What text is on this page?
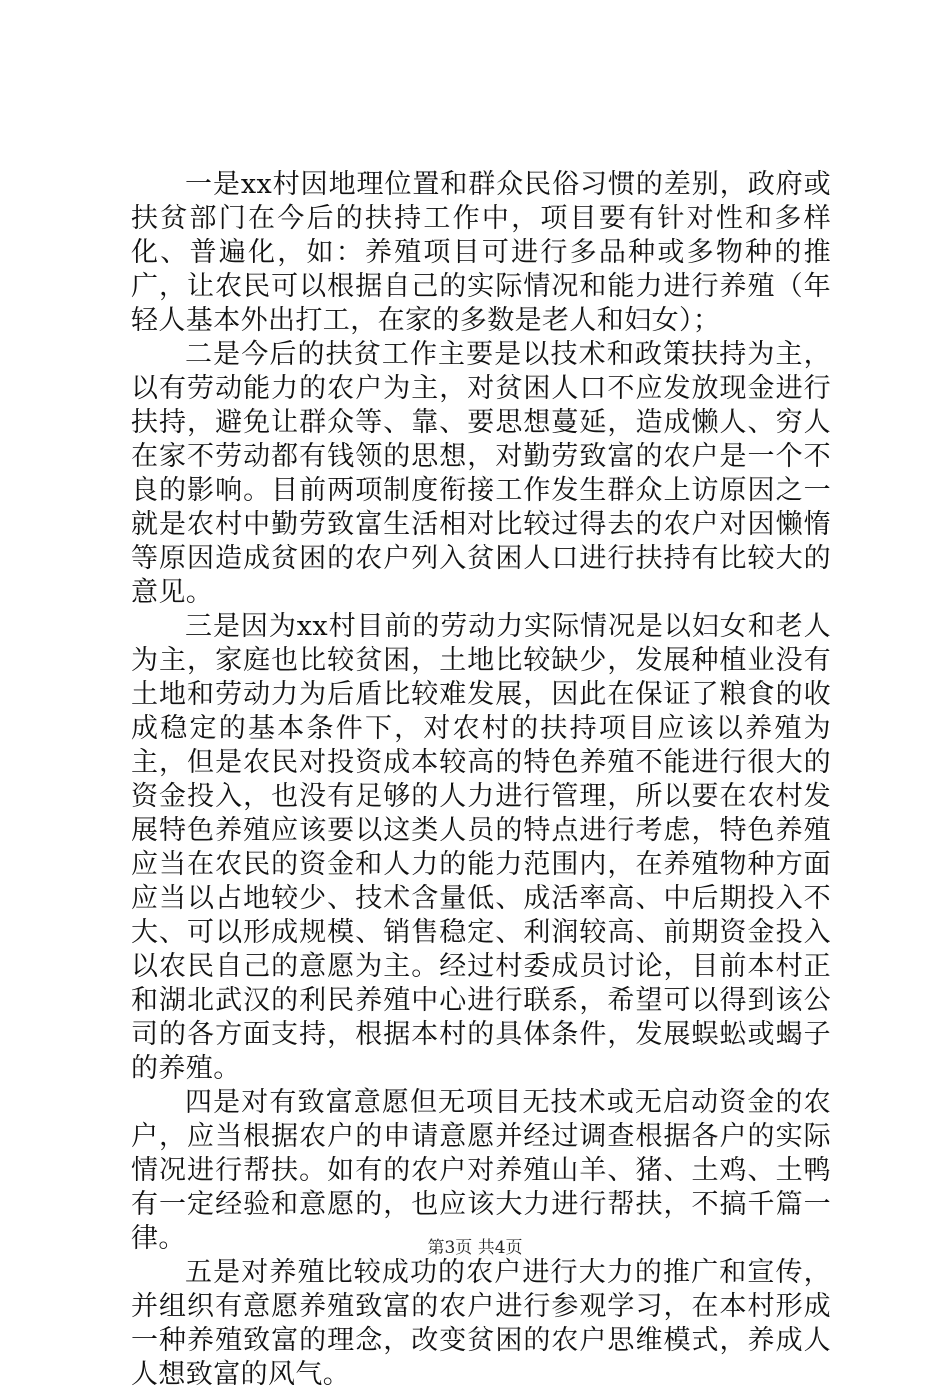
一是xx村因地理位置和群众民俗习惯的差别，政府或扶贫部门在今后的扶持工作中，项目要有针对性和多样化、普遍化，如：养殖项目可进行多品种或多物种的推广，让农民可以根据自己的实际情况和能力进行养殖（年轻人基本外出打工，在家的多数是老人和妇女）；

二是今后的扶贫工作主要是以技术和政策扶持为主，以有劳动能力的农户为主，对贫困人口不应发放现金进行扶持，避免让群众等、靠、要思想蔓延，造成懒人、穷人在家不劳动都有钱领的思想，对勤劳致富的农户是一个不良的影响。目前两项制度衔接工作发生群众上访原因之一就是农村中勤劳致富生活相对比较过得去的农户对因懒惰等原因造成贫困的农户列入贫困人口进行扶持有比较大的意见。

三是因为xx村目前的劳动力实际情况是以妇女和老人为主，家庭也比较贫困，土地比较缺少，发展种植业没有土地和劳动力为后盾比较难发展，因此在保证了粮食的收成稳定的基本条件下，对农村的扶持项目应该以养殖为主，但是农民对投资成本较高的特色养殖不能进行很大的资金投入，也没有足够的人力进行管理，所以要在农村发展特色养殖应该要以这类人员的特点进行考虑，特色养殖应当在农民的资金和人力的能力范围内，在养殖物种方面应当以占地较少、技术含量低、成活率高、中后期投入不大、可以形成规模、销售稳定、利润较高、前期资金投入以农民自己的意愿为主。经过村委成员讨论，目前本村正和湖北武汉的利民养殖中心进行联系，希望可以得到该公司的各方面支持，根据本村的具体条件，发展蜈蚣或蝎子的养殖。

四是对有致富意愿但无项目无技术或无启动资金的农户，应当根据农户的申请意愿并经过调查根据各户的实际情况进行帮扶。如有的农户对养殖山羊、猪、土鸡、土鸭有一定经验和意愿的，也应该大力进行帮扶，不搞千篇一律。

五是对养殖比较成功的农户进行大力的推广和宣传，并组织有意愿养殖致富的农户进行参观学习，在本村形成一种养殖致富的理念，改变贫困的农户思维模式，养成人人想致富的风气。

第3页 共4页
